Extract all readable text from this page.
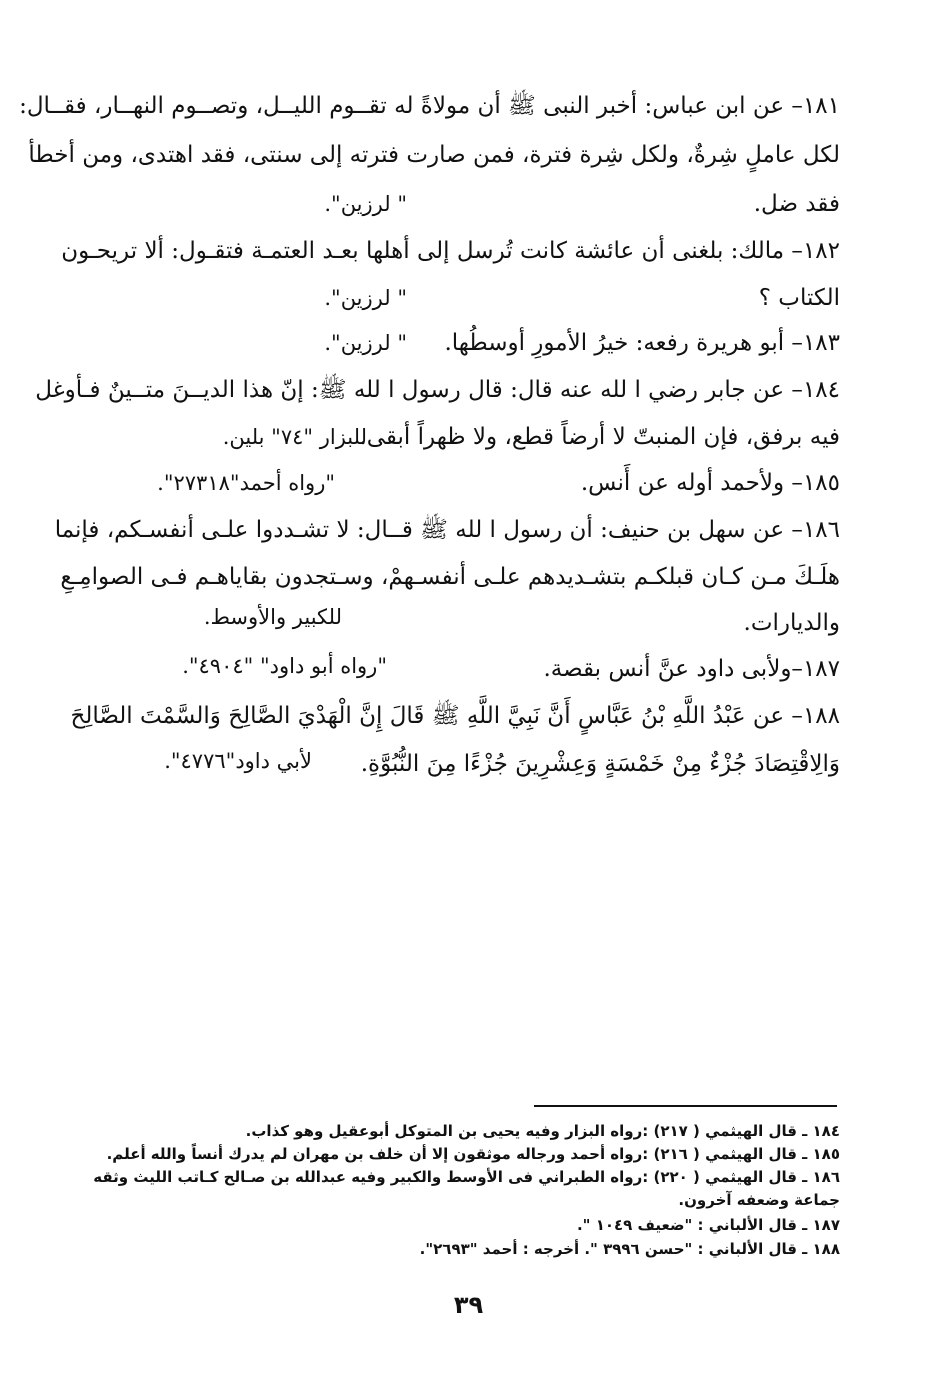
١٨١– عن ابن عباس: أخبر النبى ﷺ أن مولاةً له تقــوم الليــل، وتصــوم النهــار، فقــال:
لكل عاملٍ شِرةٌ، ولكل شِرة فترة، فمن صارت فترته إلى سنتى، فقد اهتدى، ومن أخطأ
فقد ضل.
" لرزين".
١٨٢– مالك: بلغنى أن عائشة كانت تُرسل إلى أهلها بعـد العتمـة فتقـول: ألا تريحـون
الكتاب ؟
" لرزين".
١٨٣– أبو هريرة رفعه: خيرُ الأمورِ أوسطُها.
" لرزين".
١٨٤– عن جابر رضي ا لله عنه قال: قال رسول ا لله ﷺ: إنّ هذا الديــنَ متــينٌ فـأوغل
فيه برفق، فإن المنبتّ لا أرضاً قطع، ولا ظهراً أبقى.
للبزار "٧٤" بلين.
١٨٥– ولأحمد أوله عن أَنس.
"رواه أحمد"٢٧٣١٨".
١٨٦– عن سهل بن حنيف: أن رسول ا لله ﷺ قــال: لا تشـددوا علـى أنفسـكم، فإنما
هلَـكَ مـن كـان قبلكـم بتشـديدهم علـى أنفسـهمْ، وسـتجدون بقاياهـم فـى الصوامِـعِ
والديارات.
للكبير والأوسط.
١٨٧–ولأبى داود عنَّ أنس بقصة.
"رواه أبو داود" "٤٩٠٤".
١٨٨– عن عَبْدُ اللَّهِ بْنُ عَبَّاسٍ أَنَّ نَبِيَّ اللَّهِ ﷺ قَالَ إِنَّ الْهَدْيَ الصَّالِحَ وَالسَّمْتَ الصَّالِحَ
وَالِاقْتِصَادَ جُزْءٌ مِنْ خَمْسَةٍ وَعِشْرِينَ جُزْءًا مِنَ النُّبُوَّةِ.
لأبي داود"٤٧٧٦".
١٨٤ ـ قال الهيثمي ( ٢١٧) :رواه البزار وفيه يحيى بن المتوكل أبوعقيل وهو كذاب.
١٨٥ ـ قال الهيثمي ( ٢١٦) :رواه أحمد ورجاله موثقون إلا أن خلف بن مهران لم يدرك أنساً والله أعلم.
١٨٦ ـ قال الهيثمي ( ٢٢٠) :رواه الطبراني فى الأوسط والكبير وفيه عبدالله بن صـالح كـاتب الليث وثقه
جماعة وضعفه آخرون.
١٨٧ ـ قال الألباني : "ضعيف ١٠٤٩ ".
١٨٨ ـ قال الألباني : "حسن ٣٩٩٦ ". أخرجه : أحمد "٢٦٩٣".
٣٩
